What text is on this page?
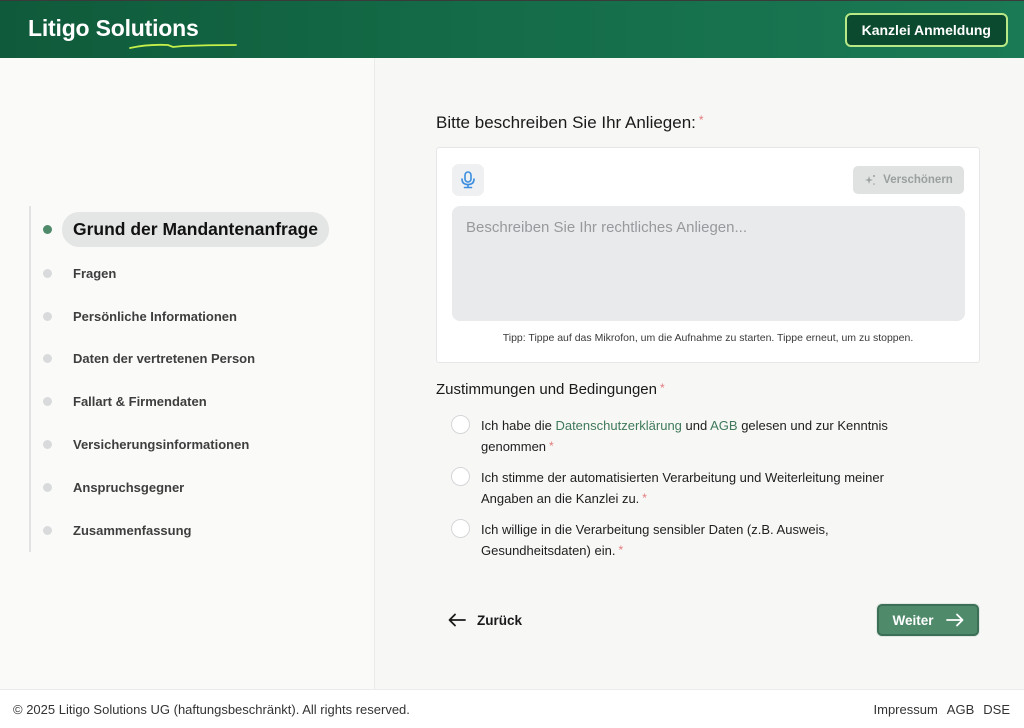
Litigo Solutions	Kanzlei Anmeldung
Grund der Mandantenanfrage
Fragen
Persönliche Informationen
Daten der vertretenen Person
Fallart & Firmendaten
Versicherungsinformationen
Anspruchsgegner
Zusammenfassung
Bitte beschreiben Sie Ihr Anliegen: *
Verschönern
Beschreiben Sie Ihr rechtliches Anliegen...
Tipp: Tippe auf das Mikrofon, um die Aufnahme zu starten. Tippe erneut, um zu stoppen.
Zustimmungen und Bedingungen *
Ich habe die Datenschutzerklärung und AGB gelesen und zur Kenntnis genommen *
Ich stimme der automatisierten Verarbeitung und Weiterleitung meiner Angaben an die Kanzlei zu. *
Ich willige in die Verarbeitung sensibler Daten (z.B. Ausweis, Gesundheitsdaten) ein. *
Zurück	Weiter
© 2025 Litigo Solutions UG (haftungsbeschränkt). All rights reserved.	Impressum AGB DSE
